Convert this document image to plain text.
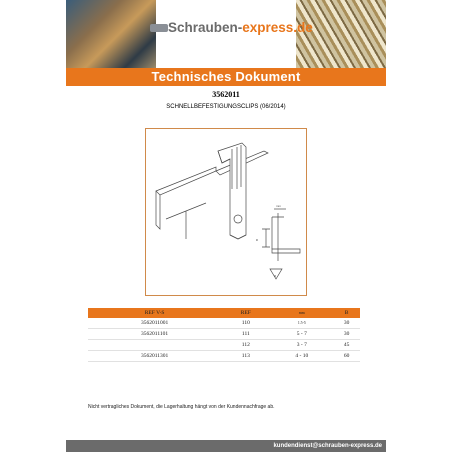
Schrauben-express.de
Technisches Dokument
3562011
SCHNELLBEFESTIGUNGSCLIPS (06/2014)
mm
B
R
REF V-S	REF	mm	B
3562011001	110	1.5-5	30
3562011101	111	5 - 7	30
	112	3 - 7	45
3562011301	113	4 - 10	60
Nicht vertragliches Dokument, die Lagerhaltung hängt von der Kundennachfrage ab.
kundendienst@schrauben-express.de
